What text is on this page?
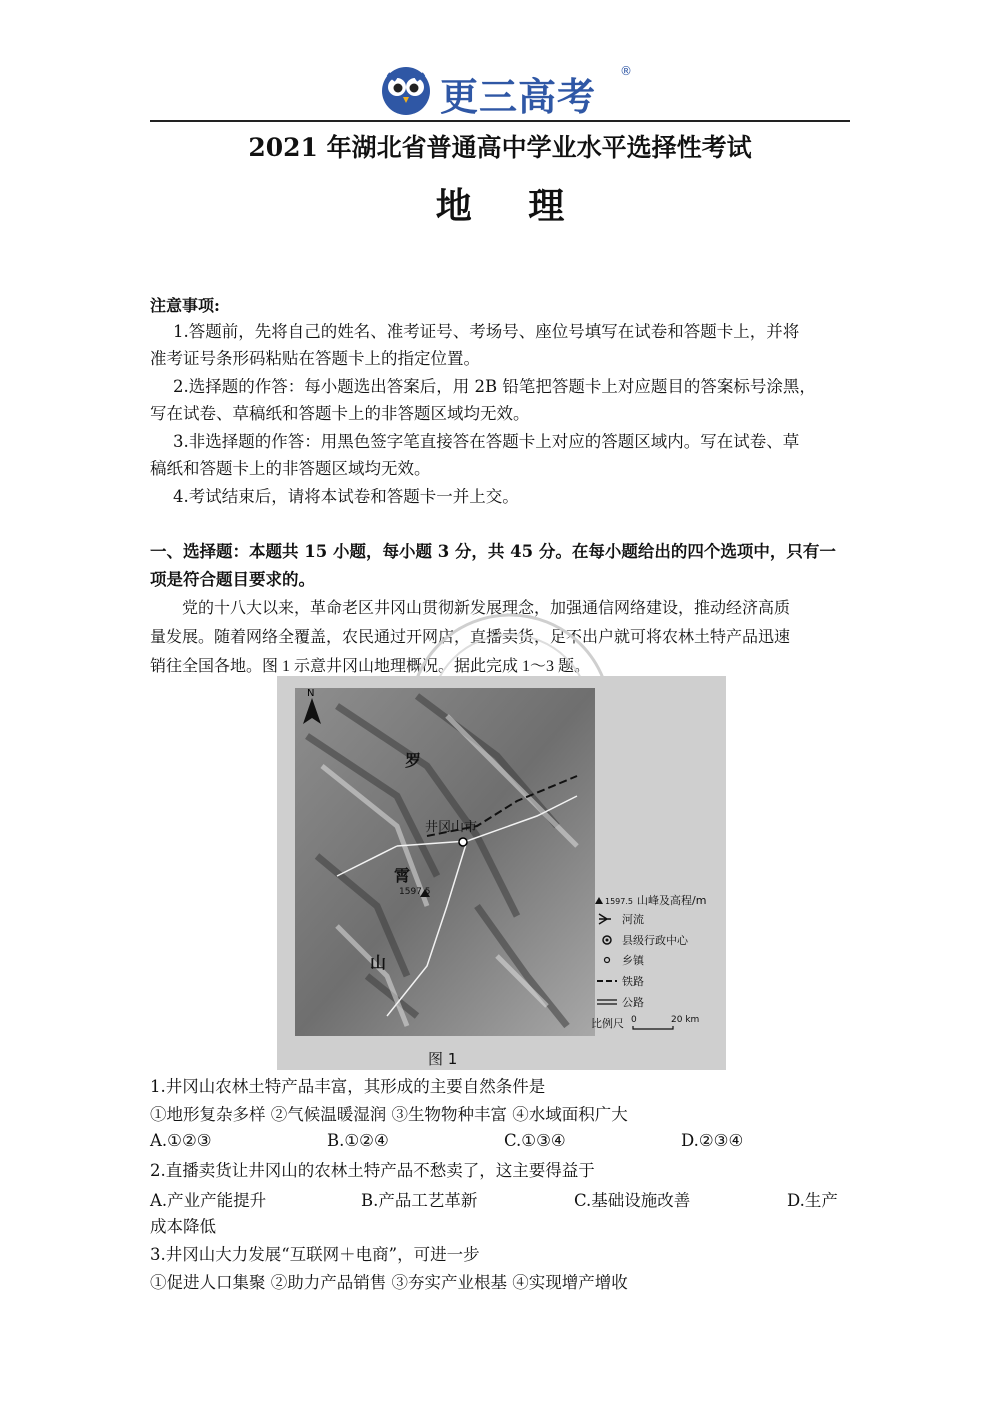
更三高考
®
2021 年湖北省普通高中学业水平选择性考试
地 理
注意事项:
1.答题前，先将自己的姓名、准考证号、考场号、座位号填写在试卷和答题卡上，并将
准考证号条形码粘贴在答题卡上的指定位置。
2.选择题的作答：每小题选出答案后，用 2B 铅笔把答题卡上对应题目的答案标号涂黑，
写在试卷、草稿纸和答题卡上的非答题区域均无效。
3.非选择题的作答：用黑色签字笔直接答在答题卡上对应的答题区域内。写在试卷、草
稿纸和答题卡上的非答题区域均无效。
4.考试结束后，请将本试卷和答题卡一并上交。
一、选择题：本题共 15 小题，每小题 3 分，共 45 分。在每小题给出的四个选项中，只有一
项是符合题目要求的。
党的十八大以来，革命老区井冈山贯彻新发展理念，加强通信网络建设，推动经济高质
量发展。随着网络全覆盖，农民通过开网店，直播卖货，足不出户就可将农林土特产品迅速
销往全国各地。图 1 示意井冈山地理概况。据此完成 1～3 题。
N
罗
霄
山
井冈山市
1597.5
1597.5 山峰及高程/m
河流
县级行政中心
乡镇
铁路
公路
比例尺 0	20 km
图 1
1.井冈山农林土特产品丰富，其形成的主要自然条件是
①地形复杂多样 ②气候温暖湿润 ③生物物种丰富 ④水域面积广大
A.①②③	B.①②④	C.①③④	D.②③④
2.直播卖货让井冈山的农林土特产品不愁卖了，这主要得益于
A.产业产能提升	B.产品工艺革新	C.基础设施改善	D.生产
成本降低
3.井冈山大力发展“互联网＋电商”，可进一步
①促进人口集聚 ②助力产品销售 ③夯实产业根基 ④实现增产增收
